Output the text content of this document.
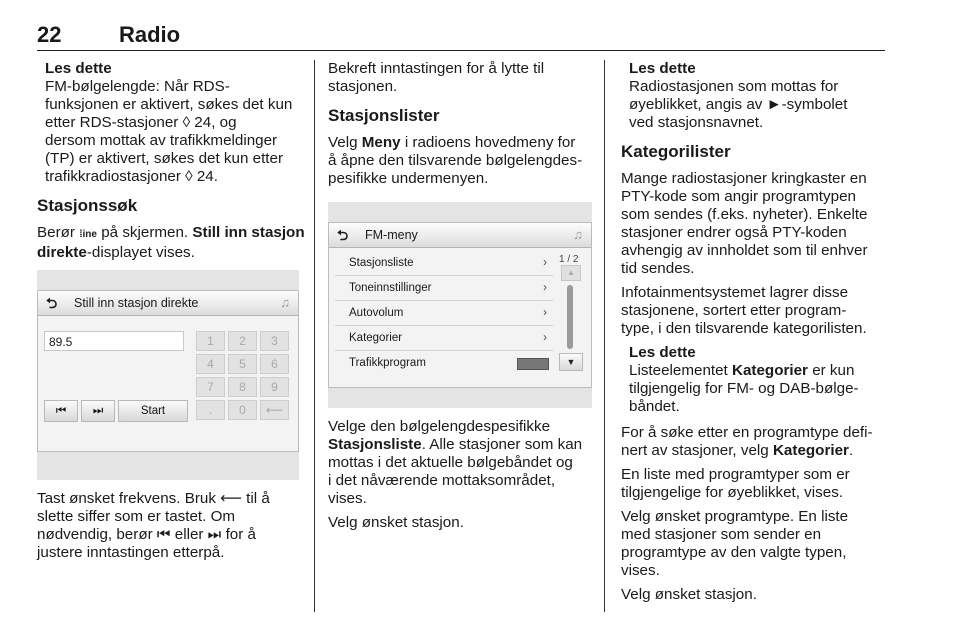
22	Radio
Les dette
FM-bølgelengde: Når RDS-
funksjonen er aktivert, søkes det kun
etter RDS-stasjoner ◊ 24, og
dersom mottak av trafikkmeldinger
(TP) er aktivert, søkes det kun etter
trafikkradiostasjoner ◊ 24.
Stasjonssøk

Berør ⁞ine på skjermen. Still inn stasjon
direkte-displayet vises.

⮌ Still inn stasjon direkte	♫
89.5	1	2	3
4	5	6
7	8	9
.	0	⟵
⏮	⏭	Start

Tast ønsket frekvens. Bruk ⟵ til å
slette siffer som er tastet. Om
nødvendig, berør ⏮ eller ⏭ for å
justere inntastingen etterpå.

Bekreft inntastingen for å lytte til
stasjonen.

Stasjonslister

Velg Meny i radioens hovedmeny for
å åpne den tilsvarende bølgelengdes-
pesifikke undermenyen.

⮌ FM-meny	♫
Stasjonsliste	›
Toneinnstillinger	›
Autovolum	›
Kategorier	›
Trafikkprogram
1 / 2
▲
▼

Velge den bølgelengdespesifikke
Stasjonsliste. Alle stasjoner som kan
mottas i det aktuelle bølgebåndet og
i det nåværende mottaksområdet,
vises.

Velg ønsket stasjon.

Les dette
Radiostasjonen som mottas for
øyeblikket, angis av ►-symbolet
ved stasjonsnavnet.
Kategorilister

Mange radiostasjoner kringkaster en
PTY-kode som angir programtypen
som sendes (f.eks. nyheter). Enkelte
stasjoner endrer også PTY-koden
avhengig av innholdet som til enhver
tid sendes.

Infotainmentsystemet lagrer disse
stasjonene, sortert etter program-
type, i den tilsvarende kategorilisten.

Les dette
Listeelementet Kategorier er kun
tilgjengelig for FM- og DAB-bølge-
båndet.

For å søke etter en programtype defi-
nert av stasjoner, velg Kategorier.

En liste med programtyper som er
tilgjengelige for øyeblikket, vises.

Velg ønsket programtype. En liste
med stasjoner som sender en
programtype av den valgte typen,
vises.

Velg ønsket stasjon.
